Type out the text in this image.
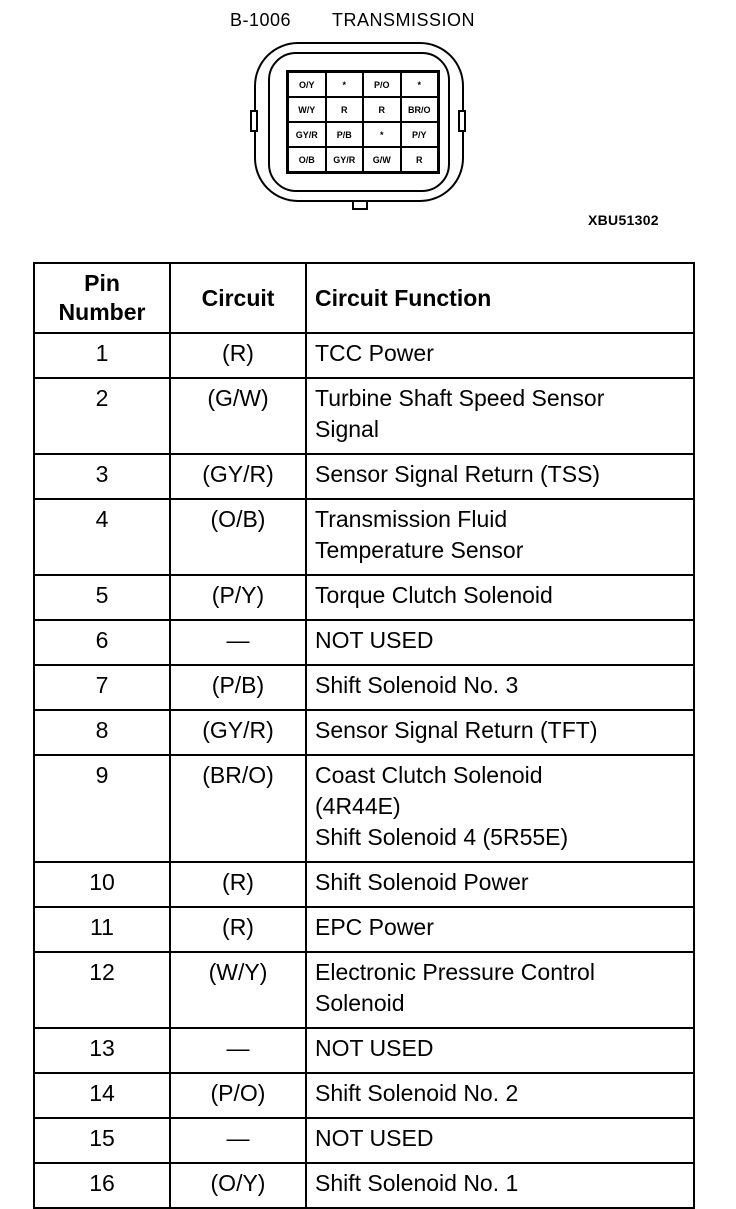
B-1006 TRANSMISSION
O/Y	*	P/O	*
W/Y	R	R	BR/O
GY/R	P/B	*	P/Y
O/B	GY/R	G/W	R
XBU51302
Pin
Number	Circuit	Circuit Function
1	(R)	TCC Power

2	(G/W)	Turbine Shaft Speed Sensor
Signal

3	(GY/R)	Sensor Signal Return (TSS)

4	(O/B)	Transmission Fluid
Temperature Sensor

5	(P/Y)	Torque Clutch Solenoid

6	—	NOT USED

7	(P/B)	Shift Solenoid No. 3

8	(GY/R)	Sensor Signal Return (TFT)

9	(BR/O)	Coast Clutch Solenoid
(4R44E)
Shift Solenoid 4 (5R55E)

10	(R)	Shift Solenoid Power

11	(R)	EPC Power

12	(W/Y)	Electronic Pressure Control
Solenoid

13	—	NOT USED

14	(P/O)	Shift Solenoid No. 2

15	—	NOT USED

16	(O/Y)	Shift Solenoid No. 1
